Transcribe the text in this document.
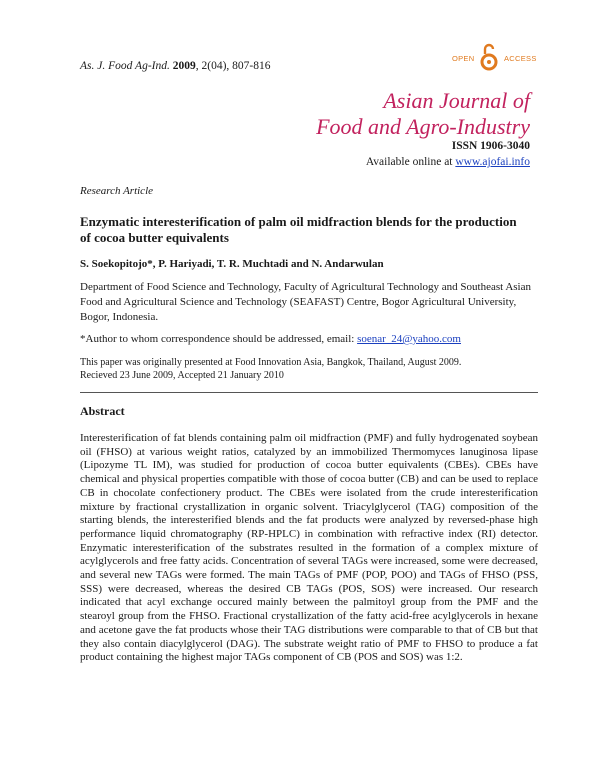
As. J. Food Ag-Ind. 2009, 2(04), 807-816
OPEN	ACCESS
Asian Journal of
Food and Agro-Industry
ISSN 1906-3040
Available online at www.ajofai.info
Research Article
Enzymatic interesterification of palm oil midfraction blends for the production of cocoa butter equivalents
S. Soekopitojo*, P. Hariyadi, T. R. Muchtadi and N. Andarwulan
Department of Food Science and Technology, Faculty of Agricultural Technology and Southeast Asian Food and Agricultural Science and Technology (SEAFAST) Centre, Bogor Agricultural University, Bogor, Indonesia.
*Author to whom correspondence should be addressed, email: soenar_24@yahoo.com
This paper was originally presented at Food Innovation Asia, Bangkok, Thailand, August 2009.
Recieved 23 June 2009, Accepted 21 January 2010
Abstract
Interesterification of fat blends containing palm oil midfraction (PMF) and fully hydrogenated soybean oil (FHSO) at various weight ratios, catalyzed by an immobilized Thermomyces lanuginosa lipase (Lipozyme TL IM), was studied for production of cocoa butter equivalents (CBEs). CBEs have chemical and physical properties compatible with those of cocoa butter (CB) and can be used to replace CB in chocolate confectionery product. The CBEs were isolated from the crude interesterification mixture by fractional crystallization in organic solvent. Triacylglycerol (TAG) composition of the starting blends, the interesterified blends and the fat products were analyzed by reversed-phase high performance liquid chromatography (RP-HPLC) in combination with refractive index (RI) detector. Enzymatic interesterification of the substrates resulted in the formation of a complex mixture of acylglycerols and free fatty acids. Concentration of several TAGs were increased, some were decreased, and several new TAGs were formed. The main TAGs of PMF (POP, POO) and TAGs of FHSO (PSS, SSS) were decreased, whereas the desired CB TAGs (POS, SOS) were increased. Our research indicated that acyl exchange occured mainly between the palmitoyl group from the PMF and the stearoyl group from the FHSO. Fractional crystallization of the fatty acid-free acylglycerols in hexane and acetone gave the fat products whose their TAG distributions were comparable to that of CB but that they also contain diacylglycerol (DAG). The substrate weight ratio of PMF to FHSO to produce a fat product containing the highest major TAGs component of CB (POS and SOS) was 1:2.
